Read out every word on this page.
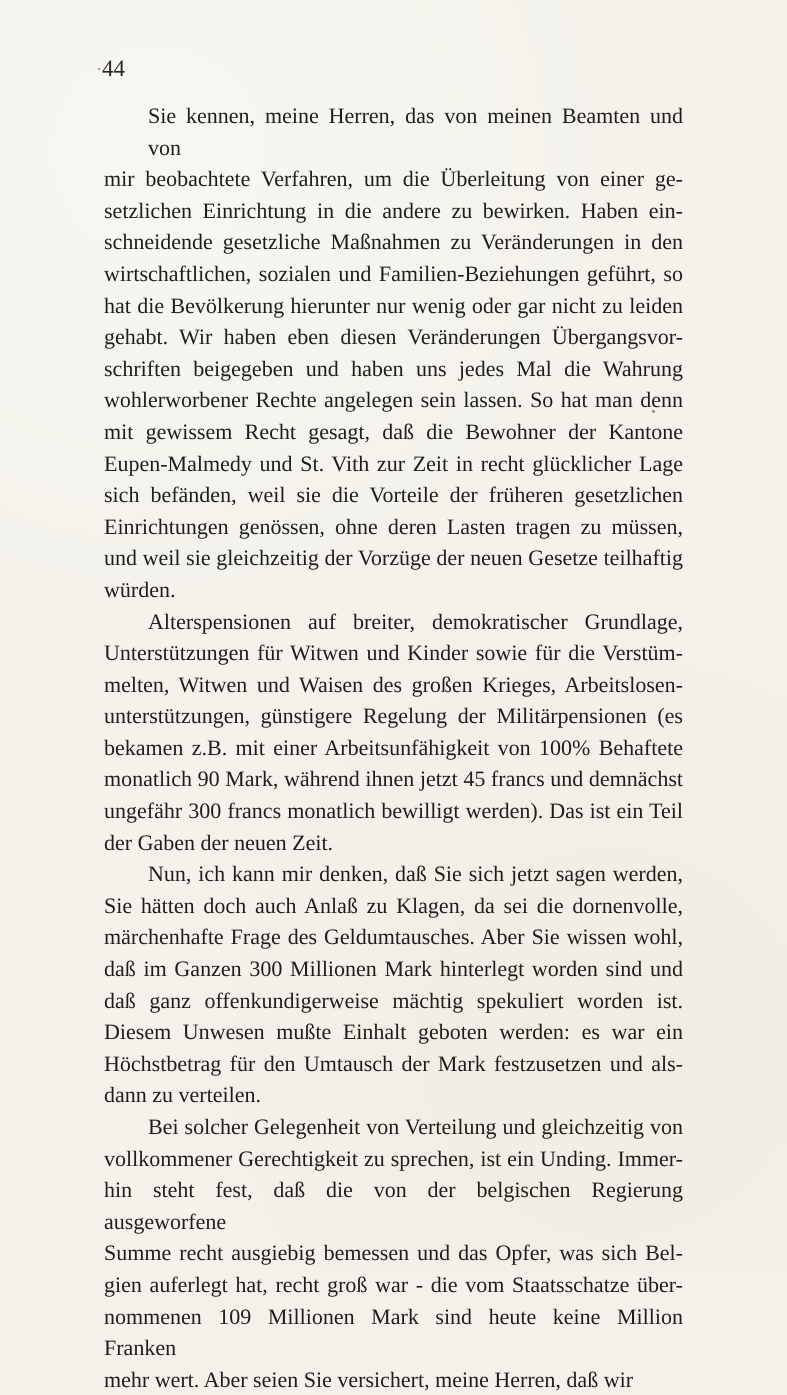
44
Sie kennen, meine Herren, das von meinen Beamten und von
mir beobachtete Verfahren, um die Überleitung von einer ge-
setzlichen Einrichtung in die andere zu bewirken. Haben ein-
schneidende gesetzliche Maßnahmen zu Veränderungen in den
wirtschaftlichen, sozialen und Familien-Beziehungen geführt, so
hat die Bevölkerung hierunter nur wenig oder gar nicht zu leiden
gehabt. Wir haben eben diesen Veränderungen Übergangsvor-
schriften beigegeben und haben uns jedes Mal die Wahrung
wohlerworbener Rechte angelegen sein lassen. So hat man denn
mit gewissem Recht gesagt, daß die Bewohner der Kantone
Eupen-Malmedy und St. Vith zur Zeit in recht glücklicher Lage
sich befänden, weil sie die Vorteile der früheren gesetzlichen
Einrichtungen genössen, ohne deren Lasten tragen zu müssen,
und weil sie gleichzeitig der Vorzüge der neuen Gesetze teilhaftig
würden.
Alterspensionen auf breiter, demokratischer Grundlage,
Unterstützungen für Witwen und Kinder sowie für die Verstüm-
melten, Witwen und Waisen des großen Krieges, Arbeitslosen-
unterstützungen, günstigere Regelung der Militärpensionen (es
bekamen z.B. mit einer Arbeitsunfähigkeit von 100% Behaftete
monatlich 90 Mark, während ihnen jetzt 45 francs und demnächst
ungefähr 300 francs monatlich bewilligt werden). Das ist ein Teil
der Gaben der neuen Zeit.
Nun, ich kann mir denken, daß Sie sich jetzt sagen werden,
Sie hätten doch auch Anlaß zu Klagen, da sei die dornenvolle,
märchenhafte Frage des Geldumtausches. Aber Sie wissen wohl,
daß im Ganzen 300 Millionen Mark hinterlegt worden sind und
daß ganz offenkundigerweise mächtig spekuliert worden ist.
Diesem Unwesen mußte Einhalt geboten werden: es war ein
Höchstbetrag für den Umtausch der Mark festzusetzen und als-
dann zu verteilen.
Bei solcher Gelegenheit von Verteilung und gleichzeitig von
vollkommener Gerechtigkeit zu sprechen, ist ein Unding. Immer-
hin steht fest, daß die von der belgischen Regierung ausgeworfene
Summe recht ausgiebig bemessen und das Opfer, was sich Bel-
gien auferlegt hat, recht groß war - die vom Staatsschatze über-
nommenen 109 Millionen Mark sind heute keine Million Franken
mehr wert. Aber seien Sie versichert, meine Herren, daß wir
